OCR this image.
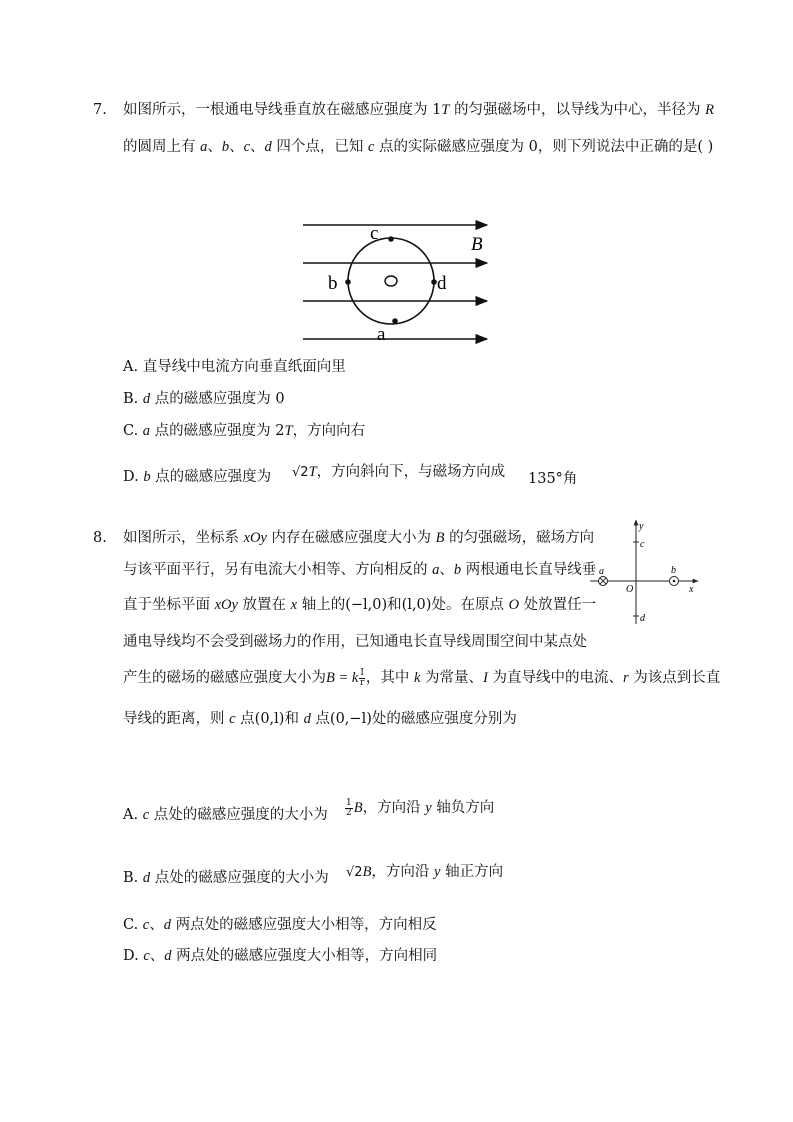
7. 如图所示，一根通电导线垂直放在磁感应强度为 1T 的匀强磁场中，以导线为中心，半径为 R
的圆周上有 a、b、c、d 四个点，已知 c 点的实际磁感应强度为 0，则下列说法中正确的是( )
c
b	d
a
B
A. 直导线中电流方向垂直纸面向里
B. d 点的磁感应强度为 0
C. a 点的磁感应强度为 2T，方向向右
D. b 点的磁感应强度为 √2T，方向斜向下，与磁场方向成 135°角
8. 如图所示，坐标系 xOy 内存在磁感应强度大小为 B 的匀强磁场，磁场方向
与该平面平行，另有电流大小相等、方向相反的 a、b 两根通电长直导线垂
直于坐标平面 xOy 放置在 x 轴上的(−l,0)和(l,0)处。在原点 O 处放置任一
通电导线均不会受到磁场力的作用，已知通电长直导线周围空间中某点处
产生的磁场的磁感应强度大小为B = k $\frac{I}{r}$ ，其中 k 为常量、I 为直导线中的电流、r 为该点到长直
导线的距离，则 c 点(0,l)和 d 点(0,−l)处的磁感应强度分别为
y
c
a	b
O	x
d
A. c 点处的磁感应强度的大小为 $\frac{1}{2}$ B，方向沿 y 轴负方向
B. d 点处的磁感应强度的大小为 √2B，方向沿 y 轴正方向
C. c、d 两点处的磁感应强度大小相等，方向相反
D. c、d 两点处的磁感应强度大小相等，方向相同
